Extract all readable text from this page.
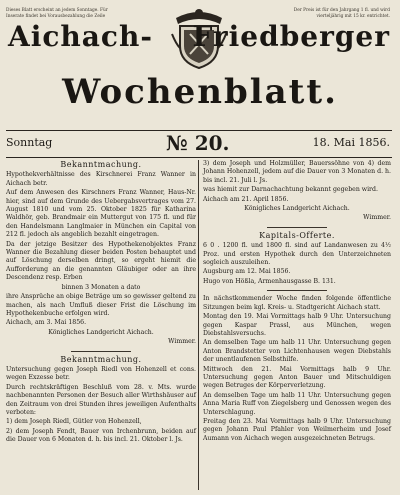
Dieses Blatt erscheint an jedem Sonntage. Für Inserate findet bei Vorausbezahlung die Zeile
Der Preis ist für den Jahrgang 1 fl. und wird vierteljährig mit 15 kr. entrichtet.
Aichach- Friedberger
Wochenblatt.
Sonntag	№ 20.	18. Mai 1856.

Bekanntmachung.

Hypothekverhältnisse des Kirschnerei Franz Wanner in Aichach betr.

Auf dem Anwesen des Kirschners Franz Wanner, Haus-Nr. hier, sind auf dem Grunde des Uebergabsvertrages vom 27. August 1810 und vom 25. Oktober 1825 für Katharina Waldhör, geb. Brandmair ein Muttergut von 175 fl. und für den Handelsmann Langlmaier in München ein Capital von 212 fl. jedoch als angeblich bezahlt eingetragen.

Da der jetzige Besitzer des Hypothekenobjektes Franz Wanner die Bezahlung dieser beiden Posten behauptet und auf Löschung derselben dringt, so ergeht hiemit die Aufforderung an die genannten Gläubiger oder an ihre Descendenz resp. Erben

binnen 3 Monaten a dato

ihre Ansprüche an obige Beträge um so gewisser geltend zu machen, als nach Umfluß dieser Frist die Löschung im Hypothekenbuche erfolgen wird.

Aichach, am 3. Mai 1856.

Königliches Landgericht Aichach.

Wimmer.

Bekanntmachung.

Untersuchung gegen Joseph Riedl von Hohenzell et cons. wegen Exzesse betr.

Durch rechtskräftigen Beschluß vom 28. v. Mts. wurde nachbenannten Personen der Besuch aller Wirthshäuser auf den Zeitraum von drei Stunden ihres jeweiligen Aufenthalts verboten:

1) dem Joseph Riedl, Gütler von Hohenzell,

2) dem Joseph Fendt, Bauer von Irchenbrunn, beiden auf die Dauer von 6 Monaten d. h. bis incl. 21. Oktober l. Js.

3) dem Joseph und Holzmüller, Bauerssöhne von 4) dem Johann Hohenzell, jedem auf die Dauer von 3 Monaten d. h. bis incl. 21. Juli l. Js.

was hiemit zur Darnachachtung bekannt gegeben wird.

Aichach am 21. April 1856.

Königliches Landgericht Aichach.

Wimmer.

Kapitals-Offerte.

6 0 . 1200 fl. und 1800 fl. sind auf Landanwesen zu 4½ Proz. und ersten Hypothek durch den Unterzeichneten sogleich auszuleihen.

Augsburg am 12. Mai 1856.

Hugo von Hößla, Armenhausgasse B. 131.

In nächstkommender Woche finden folgende öffentliche Sitzungen beim kgl. Kreis- u. Stadtgericht Aichach statt.

Montag den 19. Mai Vormittags halb 9 Uhr. Untersuchung gegen Kaspar Prassl, aus München, wegen Diebstahlsversuchs.

An demselben Tage um halb 11 Uhr. Untersuchung gegen Anton Brandstetter von Lichtenhausen wegen Diebstahls der unentlaufenen Selbsthilfe.

Mittwoch den 21. Mai Vormittags halb 9 Uhr. Untersuchung gegen Anton Bauer und Mitschuldigen wegen Betruges der Körperverletzung.

An demselben Tage um halb 11 Uhr. Untersuchung gegen Anna Maria Ruff von Ziegelsberg und Genossen wegen des Unterschlagung.

Freitag den 23. Mai Vormittags halb 9 Uhr. Untersuchung gegen Johann Paul Pfahler von Weilmerheim und Josef Aumann von Aichach wegen ausgezeichneten Betrugs.
